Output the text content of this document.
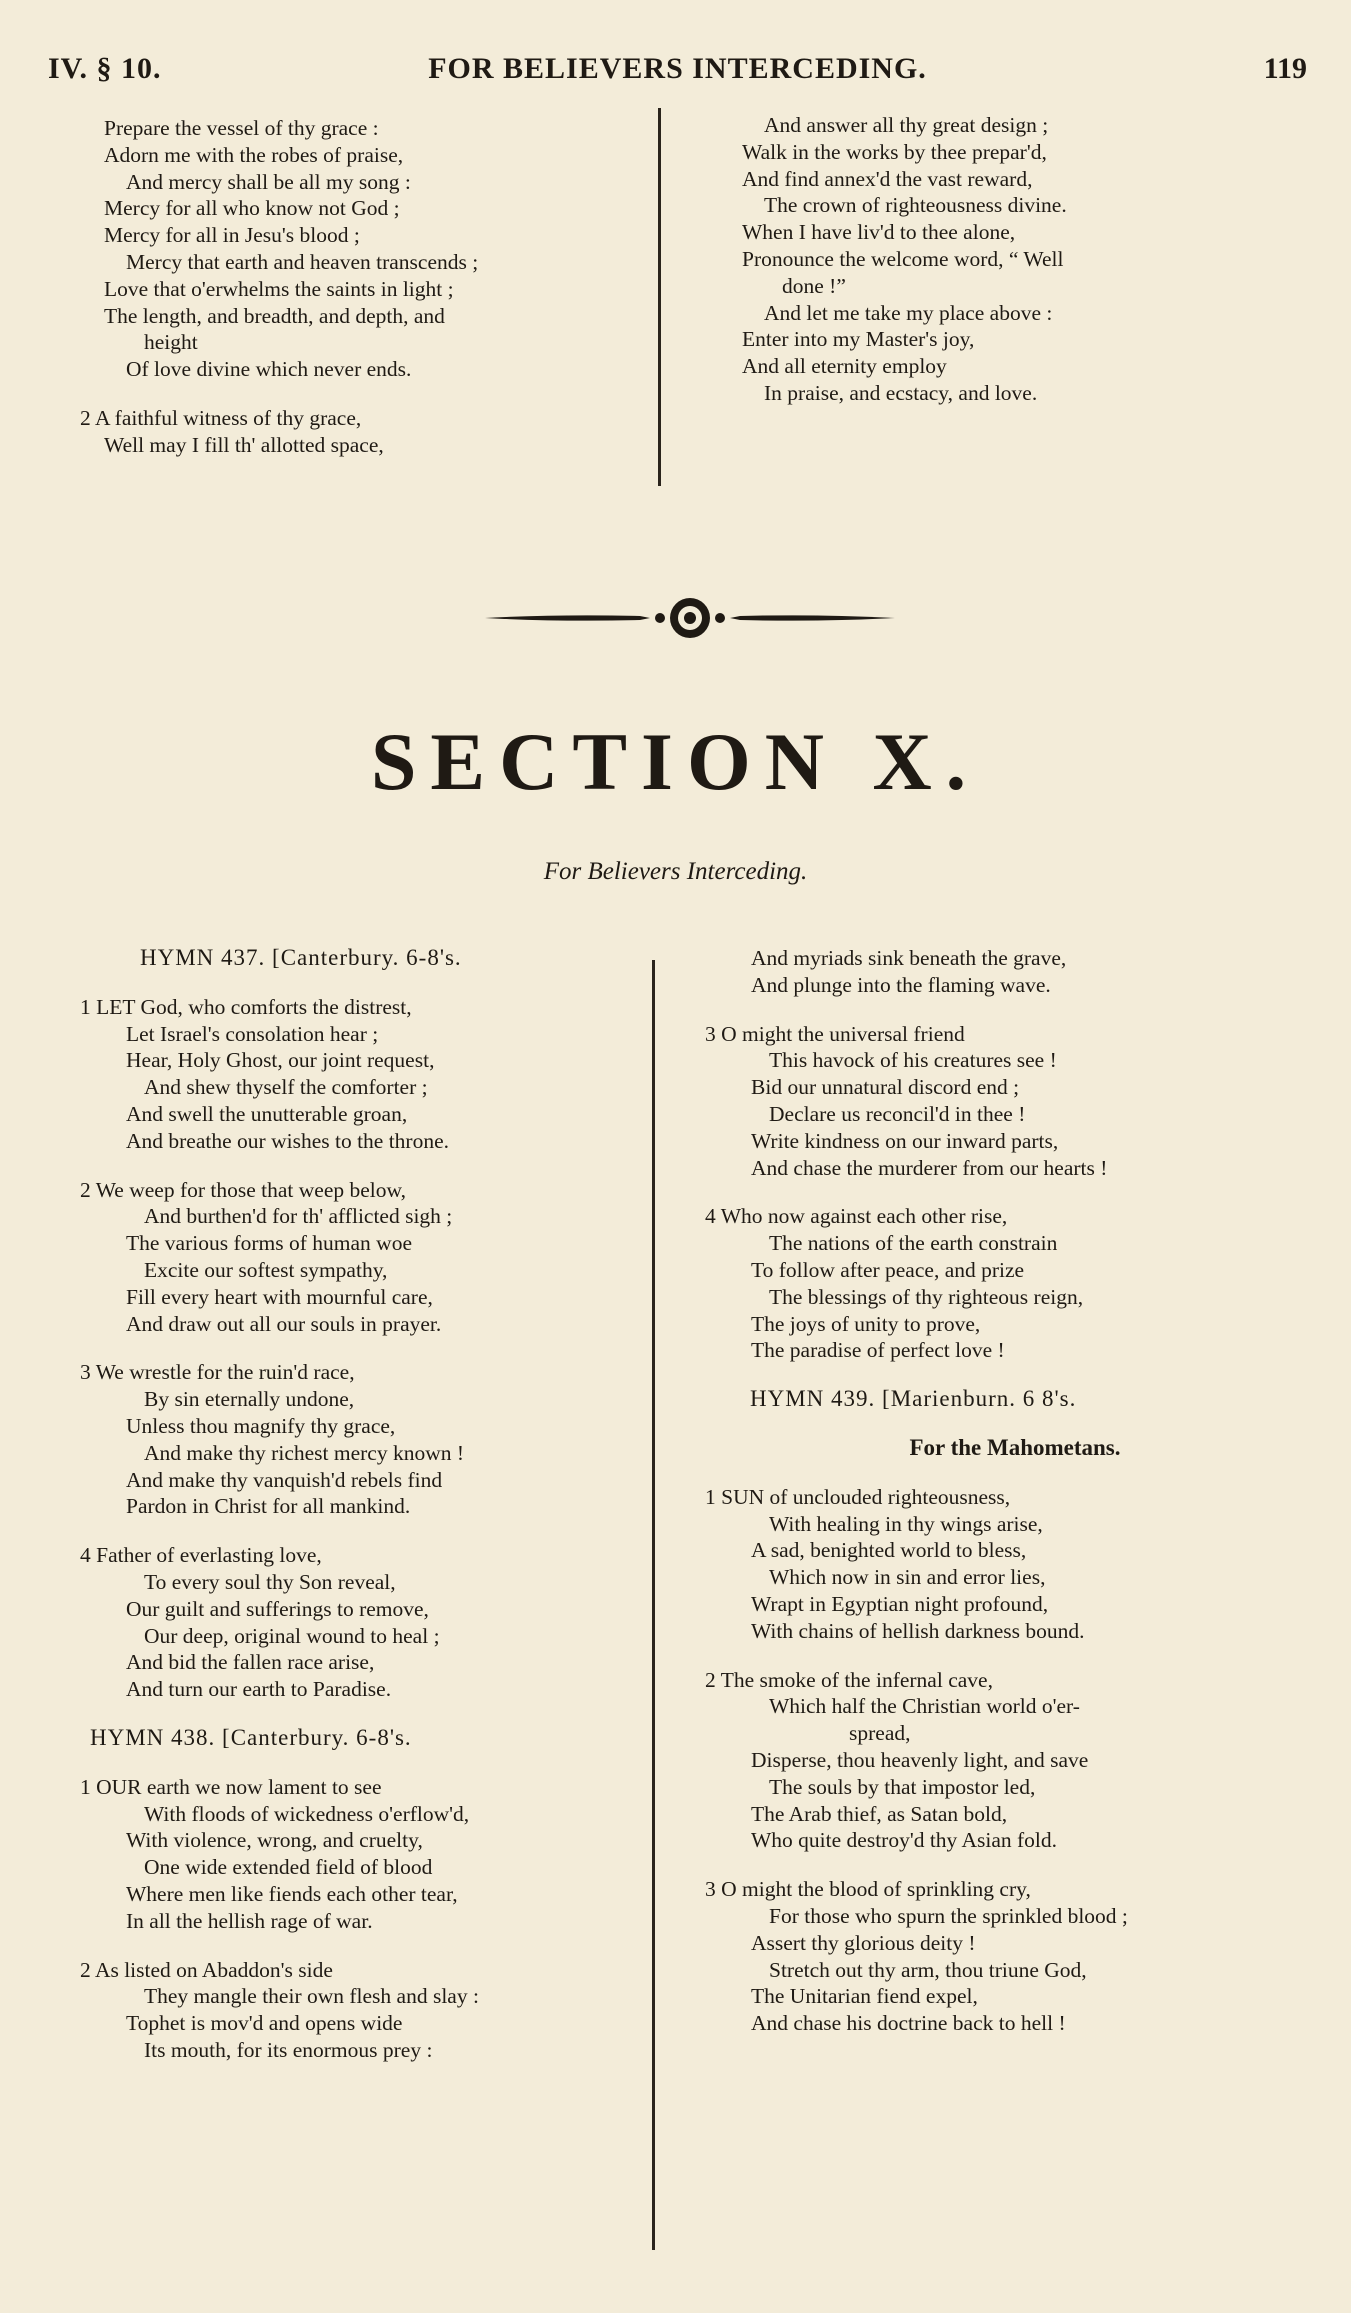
IV. § 10.	FOR BELIEVERS INTERCEDING.	119
Prepare the vessel of thy grace :
Adorn me with the robes of praise,
And mercy shall be all my song :
Mercy for all who know not God ;
Mercy for all in Jesu's blood ;
Mercy that earth and heaven transcends ;
Love that o'erwhelms the saints in light ;
The length, and breadth, and depth, and
height
Of love divine which never ends.
2 A faithful witness of thy grace,
Well may I fill th' allotted space,
And answer all thy great design ;
Walk in the works by thee prepar'd,
And find annex'd the vast reward,
The crown of righteousness divine.
When I have liv'd to thee alone,
Pronounce the welcome word, “ Well
done !”
And let me take my place above :
Enter into my Master's joy,
And all eternity employ
In praise, and ecstacy, and love.
SECTION X.
For Believers Interceding.
HYMN 437. [Canterbury. 6-8's.
1 LET God, who comforts the distrest,
Let Israel's consolation hear ;
Hear, Holy Ghost, our joint request,
And shew thyself the comforter ;
And swell the unutterable groan,
And breathe our wishes to the throne.
2 We weep for those that weep below,
And burthen'd for th' afflicted sigh ;
The various forms of human woe
Excite our softest sympathy,
Fill every heart with mournful care,
And draw out all our souls in prayer.
3 We wrestle for the ruin'd race,
By sin eternally undone,
Unless thou magnify thy grace,
And make thy richest mercy known !
And make thy vanquish'd rebels find
Pardon in Christ for all mankind.
4 Father of everlasting love,
To every soul thy Son reveal,
Our guilt and sufferings to remove,
Our deep, original wound to heal ;
And bid the fallen race arise,
And turn our earth to Paradise.
HYMN 438. [Canterbury. 6-8's.
1 OUR earth we now lament to see
With floods of wickedness o'erflow'd,
With violence, wrong, and cruelty,
One wide extended field of blood
Where men like fiends each other tear,
In all the hellish rage of war.
2 As listed on Abaddon's side
They mangle their own flesh and slay :
Tophet is mov'd and opens wide
Its mouth, for its enormous prey :
And myriads sink beneath the grave,
And plunge into the flaming wave.
3 O might the universal friend
This havock of his creatures see !
Bid our unnatural discord end ;
Declare us reconcil'd in thee !
Write kindness on our inward parts,
And chase the murderer from our hearts !
4 Who now against each other rise,
The nations of the earth constrain
To follow after peace, and prize
The blessings of thy righteous reign,
The joys of unity to prove,
The paradise of perfect love !
HYMN 439. [Marienburn. 6 8's.
For the Mahometans.
1 SUN of unclouded righteousness,
With healing in thy wings arise,
A sad, benighted world to bless,
Which now in sin and error lies,
Wrapt in Egyptian night profound,
With chains of hellish darkness bound.
2 The smoke of the infernal cave,
Which half the Christian world o'er-
spread,
Disperse, thou heavenly light, and save
The souls by that impostor led,
The Arab thief, as Satan bold,
Who quite destroy'd thy Asian fold.
3 O might the blood of sprinkling cry,
For those who spurn the sprinkled blood ;
Assert thy glorious deity !
Stretch out thy arm, thou triune God,
The Unitarian fiend expel,
And chase his doctrine back to hell !
